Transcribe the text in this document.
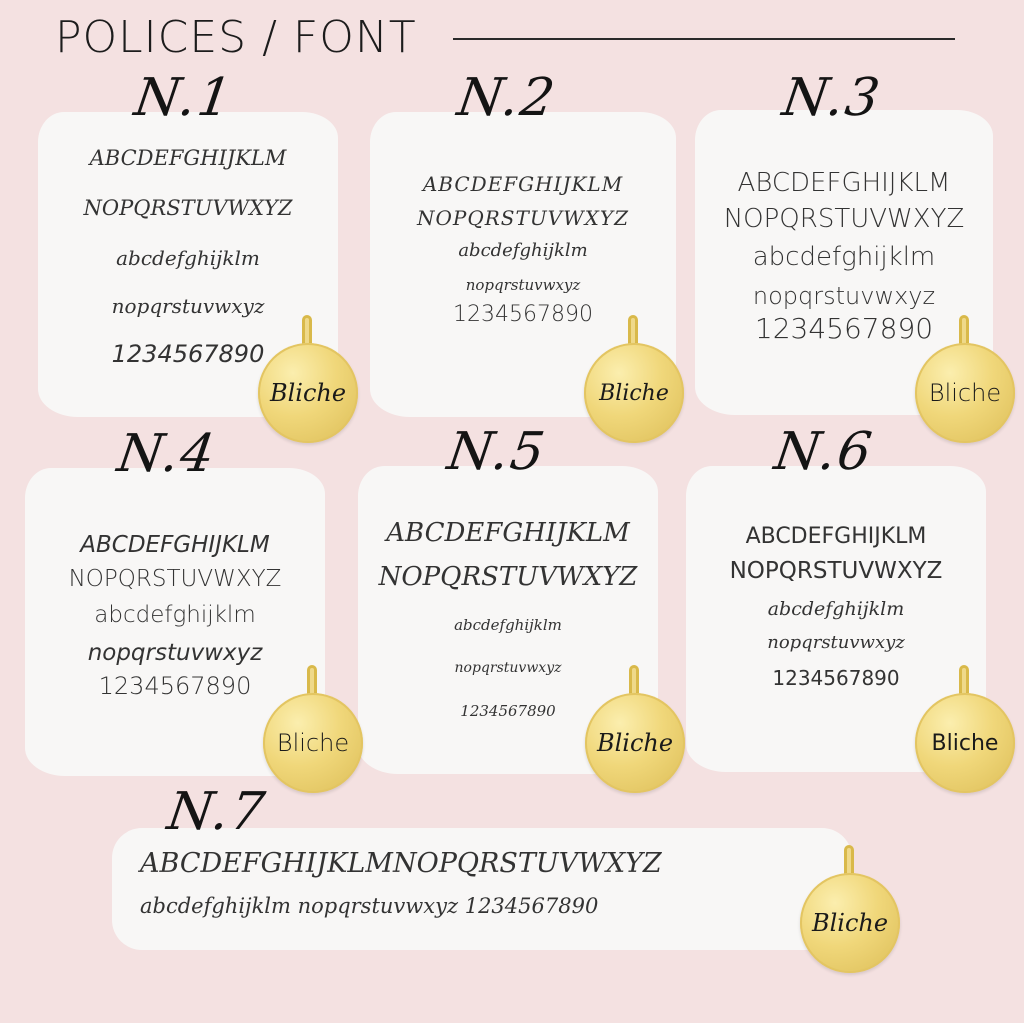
POLICES / FONT
ABCDEFGHIJKLM
NOPQRSTUVWXYZ
abcdefghijklm
nopqrstuvwxyz
1234567890
N.1
ABCDEFGHIJKLM
NOPQRSTUVWXYZ
abcdefghijklm
nopqrstuvwxyz
1234567890
N.2
ABCDEFGHIJKLM
NOPQRSTUVWXYZ
abcdefghijklm
nopqrstuvwxyz
1234567890
N.3
ABCDEFGHIJKLM
NOPQRSTUVWXYZ
abcdefghijklm
nopqrstuvwxyz
1234567890
N.4
ABCDEFGHIJKLM
NOPQRSTUVWXYZ
abcdefghijklm
nopqrstuvwxyz
1234567890
N.5
ABCDEFGHIJKLM
NOPQRSTUVWXYZ
abcdefghijklm
nopqrstuvwxyz
1234567890
N.6
ABCDEFGHIJKLMNOPQRSTUVWXYZ
abcdefghijklm nopqrstuvwxyz 1234567890
N.7
Bliche	Bliche	Bliche
Bliche	Bliche	Bliche
Bliche
